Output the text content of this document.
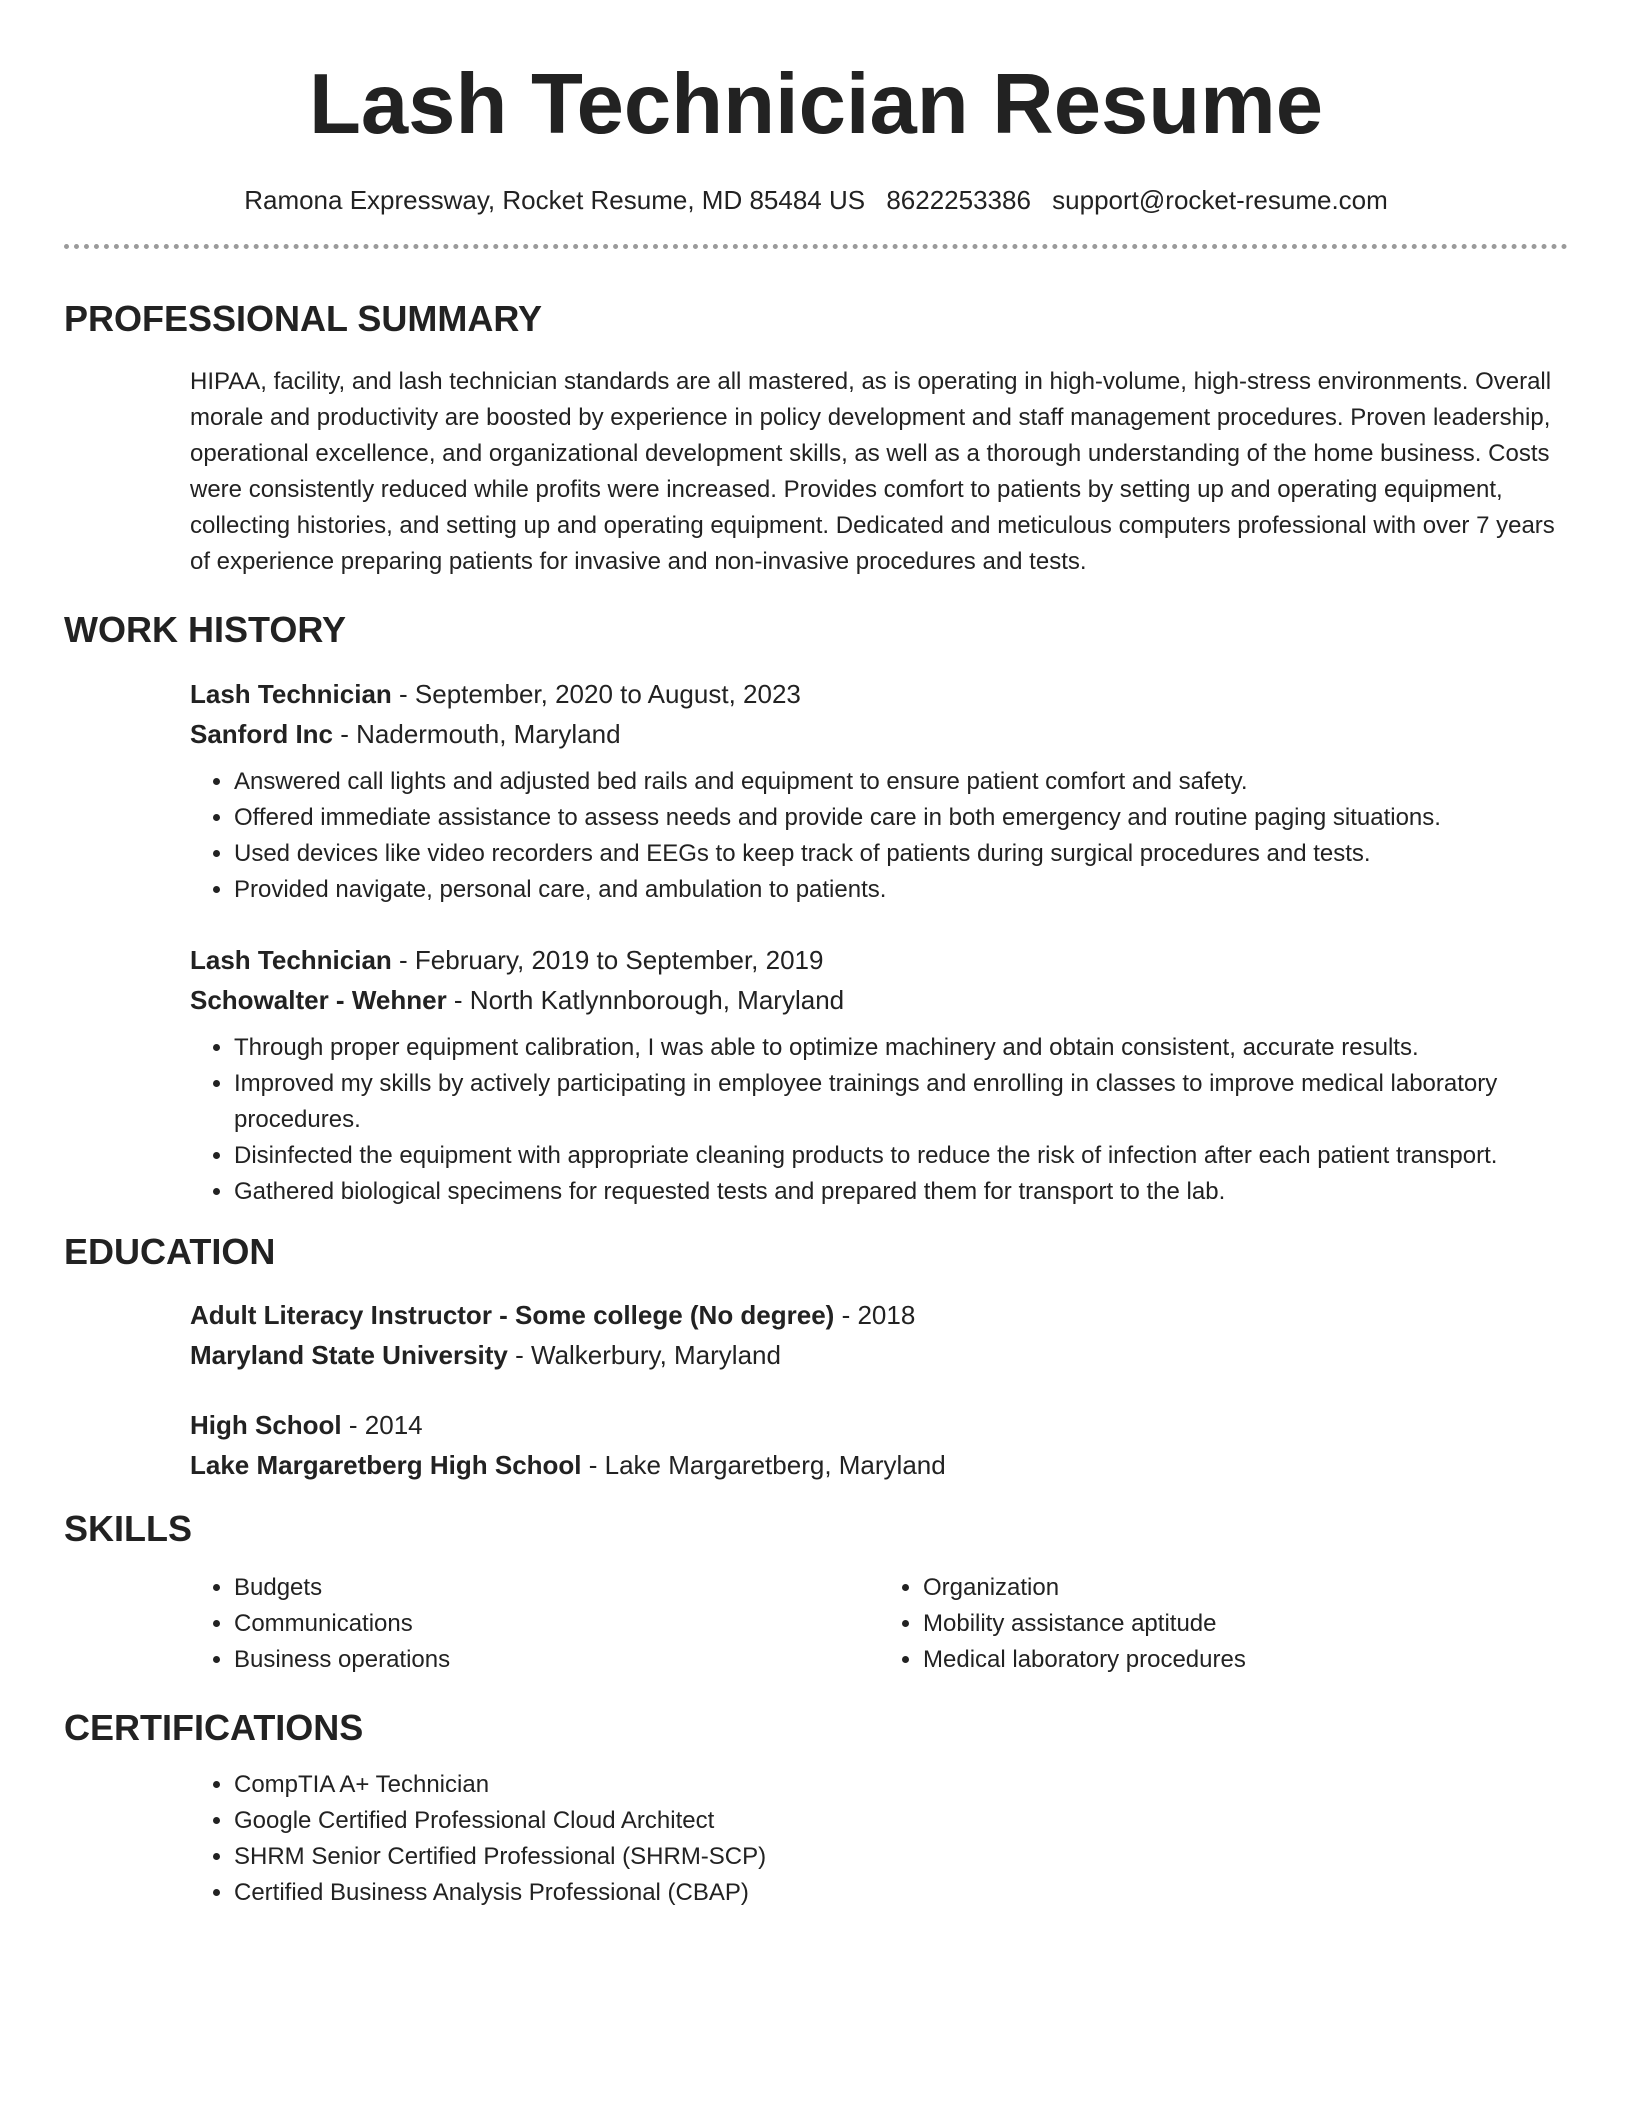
Lash Technician Resume
Ramona Expressway, Rocket Resume, MD 85484 US 8622253386 support@rocket-resume.com
PROFESSIONAL SUMMARY

HIPAA, facility, and lash technician standards are all mastered, as is operating in high-volume, high-stress environments. Overall morale and productivity are boosted by experience in policy development and staff management procedures. Proven leadership, operational excellence, and organizational development skills, as well as a thorough understanding of the home business. Costs were consistently reduced while profits were increased. Provides comfort to patients by setting up and operating equipment, collecting histories, and setting up and operating equipment. Dedicated and meticulous computers professional with over 7 years of experience preparing patients for invasive and non-invasive procedures and tests.

WORK HISTORY
Lash Technician - September, 2020 to August, 2023
Sanford Inc - Nadermouth, Maryland
• Answered call lights and adjusted bed rails and equipment to ensure patient comfort and safety.
• Offered immediate assistance to assess needs and provide care in both emergency and routine paging situations.
• Used devices like video recorders and EEGs to keep track of patients during surgical procedures and tests.
• Provided navigate, personal care, and ambulation to patients.
Lash Technician - February, 2019 to September, 2019
Schowalter - Wehner - North Katlynnborough, Maryland
• Through proper equipment calibration, I was able to optimize machinery and obtain consistent, accurate results.
• Improved my skills by actively participating in employee trainings and enrolling in classes to improve medical laboratory procedures.
• Disinfected the equipment with appropriate cleaning products to reduce the risk of infection after each patient transport.
• Gathered biological specimens for requested tests and prepared them for transport to the lab.
EDUCATION
Adult Literacy Instructor - Some college (No degree) - 2018
Maryland State University - Walkerbury, Maryland
High School - 2014
Lake Margaretberg High School - Lake Margaretberg, Maryland
SKILLS
• Budgets
• Communications
• Business operations
• Organization
• Mobility assistance aptitude
• Medical laboratory procedures
CERTIFICATIONS
• CompTIA A+ Technician
• Google Certified Professional Cloud Architect
• SHRM Senior Certified Professional (SHRM-SCP)
• Certified Business Analysis Professional (CBAP)
